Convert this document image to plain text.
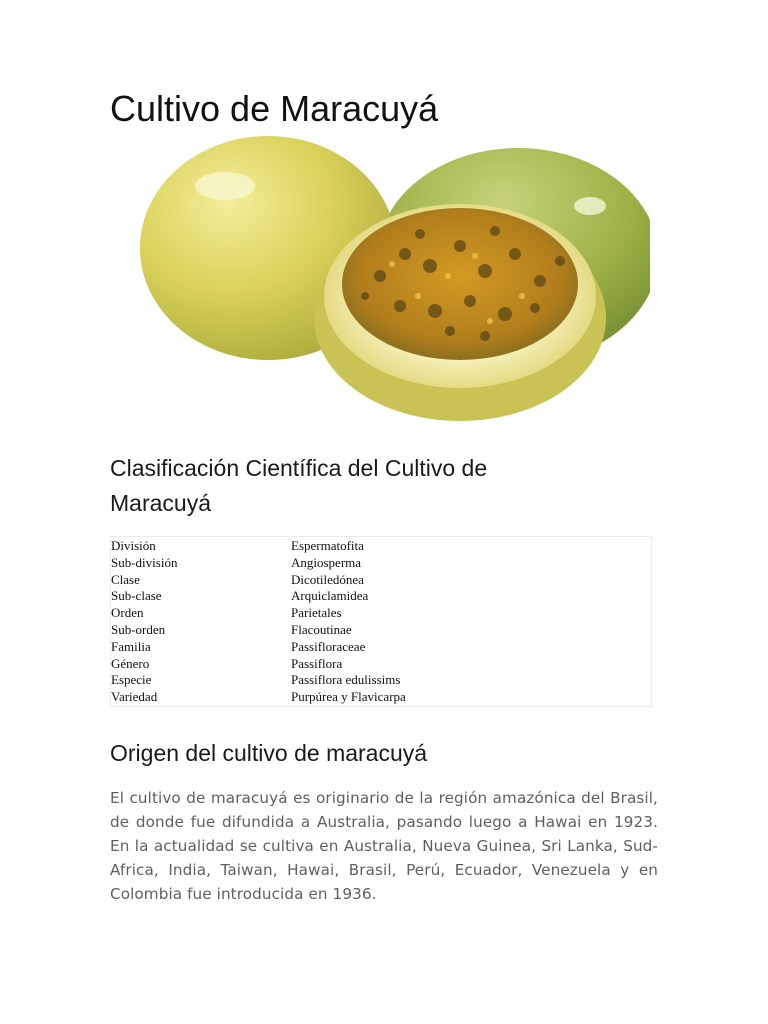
Cultivo de Maracuyá
Clasificación Científica del Cultivo de Maracuyá
División	Espermatofita
Sub-división	Angiosperma
Clase	Dicotiledónea
Sub-clase	Arquiclamidea
Orden	Parietales
Sub-orden	Flacoutinae
Familia	Passifloraceae
Género	Passiflora
Especie	Passiflora edulissims
Variedad	Purpúrea y Flavicarpa
Origen del cultivo de maracuyá

El cultivo de maracuyá es originario de la región amazónica del Brasil, de donde fue difundida a Australia, pasando luego a Hawai en 1923. En la actualidad se cultiva en Australia, Nueva Guinea, Sri Lanka, Sud-Africa, India, Taiwan, Hawai, Brasil, Perú, Ecuador, Venezuela y en Colombia fue introducida en 1936.
